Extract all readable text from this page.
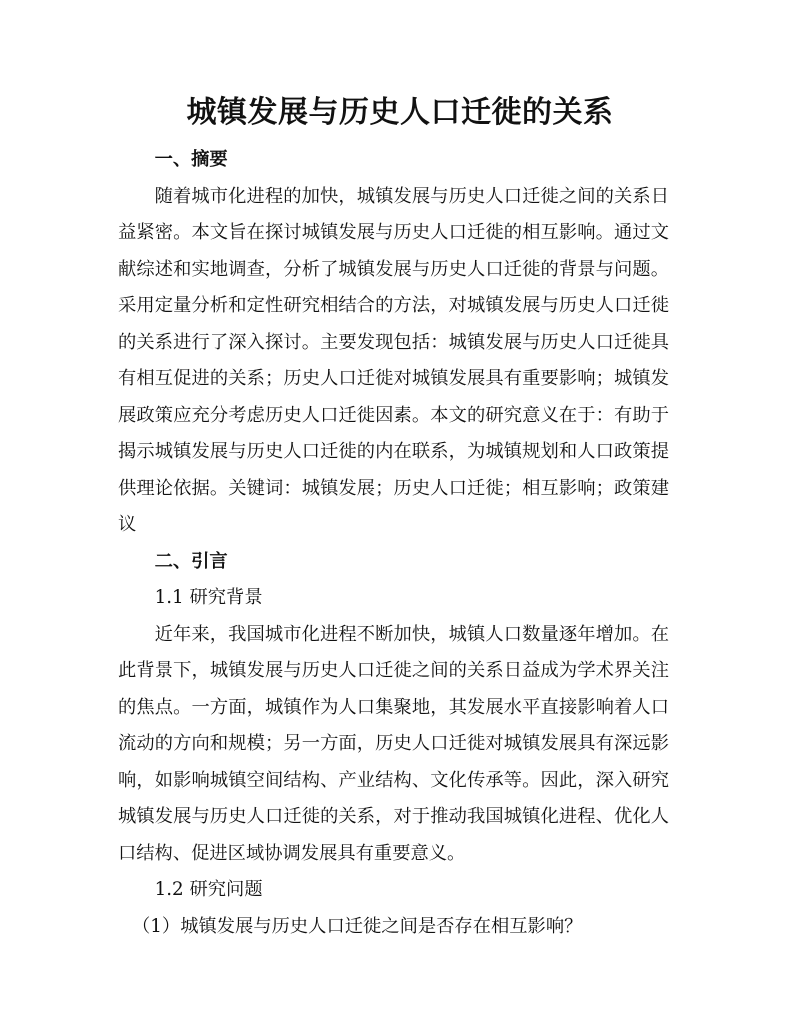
城镇发展与历史人口迁徙的关系
一、摘要
随着城市化进程的加快，城镇发展与历史人口迁徙之间的关系日
益紧密。本文旨在探讨城镇发展与历史人口迁徙的相互影响。通过文
献综述和实地调查，分析了城镇发展与历史人口迁徙的背景与问题。
采用定量分析和定性研究相结合的方法，对城镇发展与历史人口迁徙
的关系进行了深入探讨。主要发现包括：城镇发展与历史人口迁徙具
有相互促进的关系；历史人口迁徙对城镇发展具有重要影响；城镇发
展政策应充分考虑历史人口迁徙因素。本文的研究意义在于：有助于
揭示城镇发展与历史人口迁徙的内在联系，为城镇规划和人口政策提
供理论依据。关键词：城镇发展；历史人口迁徙；相互影响；政策建
议
二、引言
1.1 研究背景
近年来，我国城市化进程不断加快，城镇人口数量逐年增加。在
此背景下，城镇发展与历史人口迁徙之间的关系日益成为学术界关注
的焦点。一方面，城镇作为人口集聚地，其发展水平直接影响着人口
流动的方向和规模；另一方面，历史人口迁徙对城镇发展具有深远影
响，如影响城镇空间结构、产业结构、文化传承等。因此，深入研究
城镇发展与历史人口迁徙的关系，对于推动我国城镇化进程、优化人
口结构、促进区域协调发展具有重要意义。
1.2 研究问题
（1）城镇发展与历史人口迁徙之间是否存在相互影响？
